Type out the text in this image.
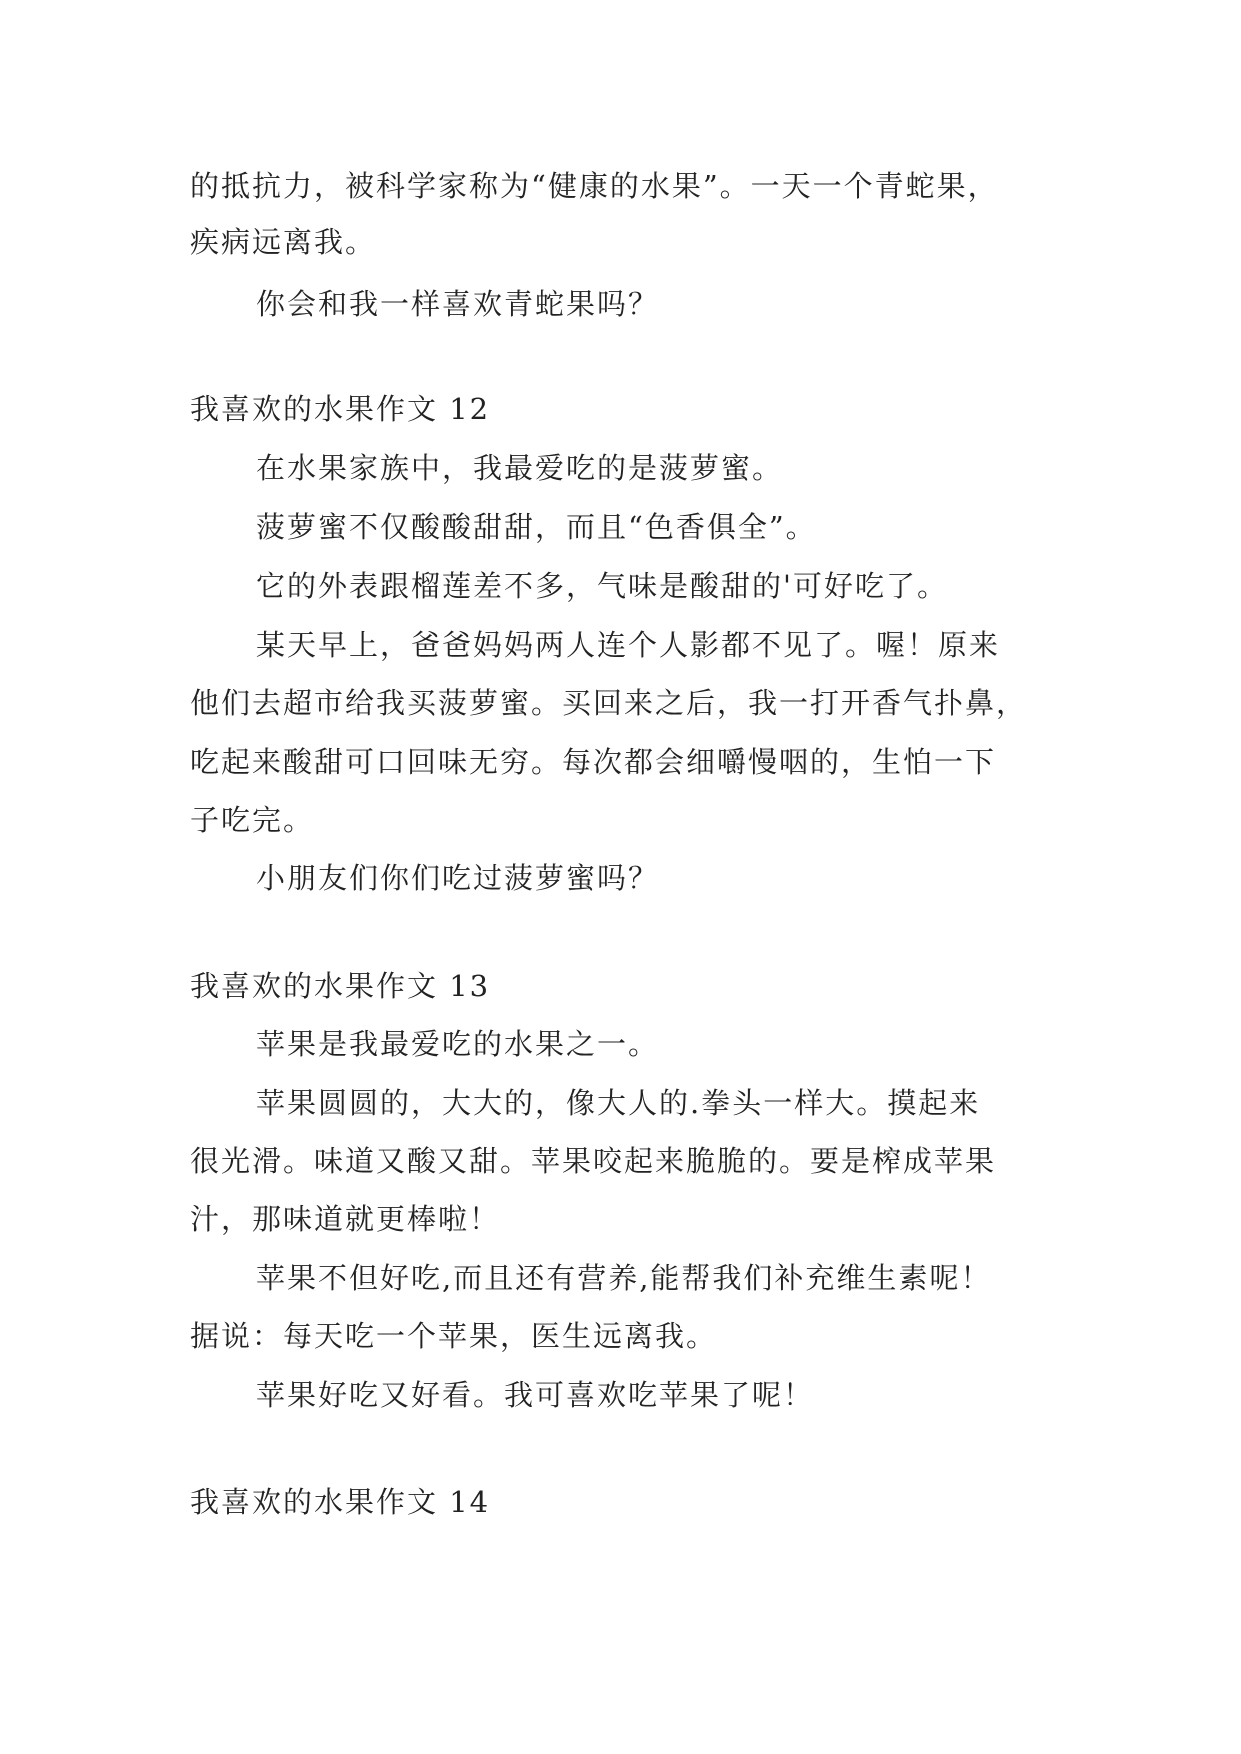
的抵抗力，被科学家称为“健康的水果”。一天一个青蛇果，
疾病远离我。
你会和我一样喜欢青蛇果吗？
我喜欢的水果作文 12
在水果家族中，我最爱吃的是菠萝蜜。
菠萝蜜不仅酸酸甜甜，而且“色香俱全”。
它的外表跟榴莲差不多，气味是酸甜的'可好吃了。
某天早上，爸爸妈妈两人连个人影都不见了。喔！原来
他们去超市给我买菠萝蜜。买回来之后，我一打开香气扑鼻，
吃起来酸甜可口回味无穷。每次都会细嚼慢咽的，生怕一下
子吃完。
小朋友们你们吃过菠萝蜜吗？
我喜欢的水果作文 13
苹果是我最爱吃的水果之一。
苹果圆圆的，大大的，像大人的.拳头一样大。摸起来
很光滑。味道又酸又甜。苹果咬起来脆脆的。要是榨成苹果
汁，那味道就更棒啦！
苹果不但好吃,而且还有营养,能帮我们补充维生素呢！
据说：每天吃一个苹果，医生远离我。
苹果好吃又好看。我可喜欢吃苹果了呢！
我喜欢的水果作文 14
